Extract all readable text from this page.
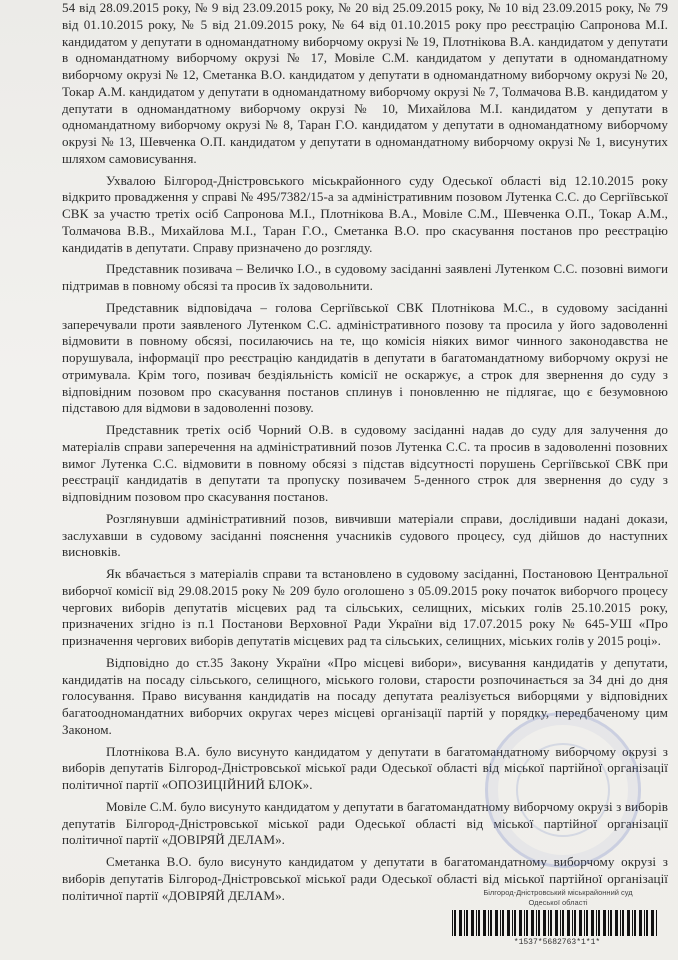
54 від 28.09.2015 року, № 9 від 23.09.2015 року, № 20 від 25.09.2015 року, № 10 від 23.09.2015 року, № 79 від 01.10.2015 року, № 5 від 21.09.2015 року, № 64 від 01.10.2015 року про реєстрацію Сапронова М.І. кандидатом у депутати в одномандатному виборчому окрузі № 19, Плотнікова В.А. кандидатом у депутати в одномандатному виборчому окрузі № 17, Мовіле С.М. кандидатом у депутати в одномандатному виборчому окрузі № 12, Сметанка В.О. кандидатом у депутати в одномандатному виборчому окрузі № 20, Токар А.М. кандидатом у депутати в одномандатному виборчому окрузі № 7, Толмачова В.В. кандидатом у депутати в одномандатному виборчому окрузі № 10, Михайлова М.І. кандидатом у депутати в одномандатному виборчому окрузі № 8, Таран Г.О. кандидатом у депутати в одномандатному виборчому окрузі № 13, Шевченка О.П. кандидатом у депутати в одномандатному виборчому окрузі № 1, висунутих шляхом самовисування.

Ухвалою Білгород-Дністровського міськрайонного суду Одеської області від 12.10.2015 року відкрито провадження у справі № 495/7382/15-а за адміністративним позовом Лутенка С.С. до Сергіївської СВК за участю третіх осіб Сапронова М.І., Плотнікова В.А., Мовіле С.М., Шевченка О.П., Токар А.М., Толмачова В.В., Михайлова М.І., Таран Г.О., Сметанка В.О. про скасування постанов про реєстрацію кандидатів в депутати. Справу призначено до розгляду.

Представник позивача – Величко І.О., в судовому засіданні заявлені Лутенком С.С. позовні вимоги підтримав в повному обсязі та просив їх задовольнити.

Представник відповідача – голова Сергіївської СВК Плотнікова М.С., в судовому засіданні заперечували проти заявленого Лутенком С.С. адміністративного позову та просила у його задоволенні відмовити в повному обсязі, посилаючись на те, що комісія ніяких вимог чинного законодавства не порушувала, інформації про реєстрацію кандидатів в депутати в багатомандатному виборчому окрузі не отримувала. Крім того, позивач бездіяльність комісії не оскаржує, а строк для звернення до суду з відповідним позовом про скасування постанов сплинув і поновленню не підлягає, що є безумовною підставою для відмови в задоволенні позову.

Представник третіх осіб Чорний О.В. в судовому засіданні надав до суду для залучення до матеріалів справи заперечення на адміністративний позов Лутенка С.С. та просив в задоволенні позовних вимог Лутенка С.С. відмовити в повному обсязі з підстав відсутності порушень Сергіївської СВК при реєстрації кандидатів в депутати та пропуску позивачем 5-денного строк для звернення до суду з відповідним позовом про скасування постанов.

Розглянувши адміністративний позов, вивчивши матеріали справи, дослідивши надані докази, заслухавши в судовому засіданні пояснення учасників судового процесу, суд дійшов до наступних висновків.

Як вбачається з матеріалів справи та встановлено в судовому засіданні, Постановою Центральної виборчої комісії від 29.08.2015 року № 209 було оголошено з 05.09.2015 року початок виборчого процесу чергових виборів депутатів місцевих рад та сільських, селищних, міських голів 25.10.2015 року, призначених згідно із п.1 Постанови Верховної Ради України від 17.07.2015 року № 645-УШ «Про призначення чергових виборів депутатів місцевих рад та сільських, селищних, міських голів у 2015 році».

Відповідно до ст.35 Закону України «Про місцеві вибори», висування кандидатів у депутати, кандидатів на посаду сільського, селищного, міського голови, старости розпочинається за 34 дні до дня голосування. Право висування кандидатів на посаду депутата реалізується виборцями у відповідних багатоодномандатних виборчих округах через місцеві організації партій у порядку, передбаченому цим Законом.

Плотнікова В.А. було висунуто кандидатом у депутати в багатомандатному виборчому окрузі з виборів депутатів Білгород-Дністровської міської ради Одеської області від міської партійної організації політичної партії «ОПОЗИЦІЙНИЙ БЛОК».

Мовіле С.М. було висунуто кандидатом у депутати в багатомандатному виборчому окрузі з виборів депутатів Білгород-Дністровської міської ради Одеської області від міської партійної організації політичної партії «ДОВІРЯЙ ДЕЛАМ».

Сметанка В.О. було висунуто кандидатом у депутати в багатомандатному виборчому окрузі з виборів депутатів Білгород-Дністровської міської ради Одеської області від міської партійної організації політичної партії «ДОВІРЯЙ ДЕЛАМ».	Білгород-Дністровський міськрайонний суд
Одеської області
*1537*5682763*1*1*
